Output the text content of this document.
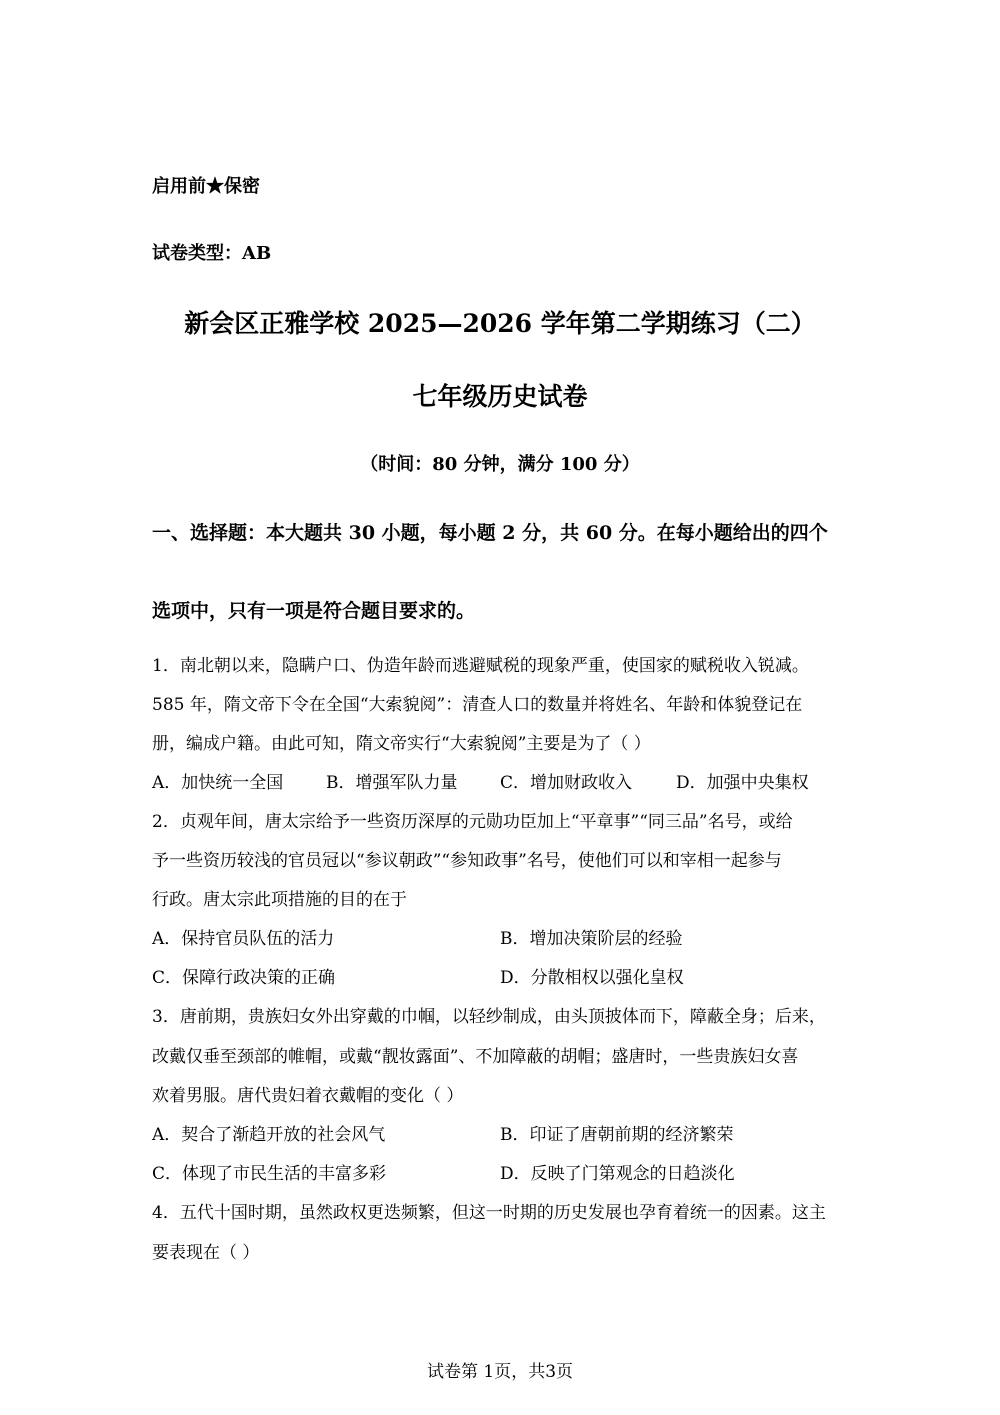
启用前★保密
试卷类型：AB
新会区正雅学校 2025—2026 学年第二学期练习（二）
七年级历史试卷
（时间：80 分钟，满分 100 分）
一、选择题：本大题共 30 小题，每小题 2 分，共 60 分。在每小题给出的四个
选项中，只有一项是符合题目要求的。
1．南北朝以来，隐瞒户口、伪造年龄而逃避赋税的现象严重，使国家的赋税收入锐减。
585 年，隋文帝下令在全国“大索貌阅”：清查人口的数量并将姓名、年龄和体貌登记在
册，编成户籍。由此可知，隋文帝实行“大索貌阅”主要是为了（ ）
A．加快统一全国	B．增强军队力量	C．增加财政收入	D．加强中央集权
2．贞观年间，唐太宗给予一些资历深厚的元勋功臣加上“平章事”“同三品”名号，或给
予一些资历较浅的官员冠以“参议朝政”“参知政事”名号，使他们可以和宰相一起参与
行政。唐太宗此项措施的目的在于
A．保持官员队伍的活力	B．增加决策阶层的经验
C．保障行政决策的正确	D．分散相权以强化皇权
3．唐前期，贵族妇女外出穿戴的巾帼，以轻纱制成，由头顶披体而下，障蔽全身；后来，
改戴仅垂至颈部的帷帽，或戴“靓妆露面”、不加障蔽的胡帽；盛唐时，一些贵族妇女喜
欢着男服。唐代贵妇着衣戴帽的变化（ ）
A．契合了渐趋开放的社会风气	B．印证了唐朝前期的经济繁荣
C．体现了市民生活的丰富多彩	D．反映了门第观念的日趋淡化
4．五代十国时期，虽然政权更迭频繁，但这一时期的历史发展也孕育着统一的因素。这主
要表现在（ ）
试卷第 1页，共3页
